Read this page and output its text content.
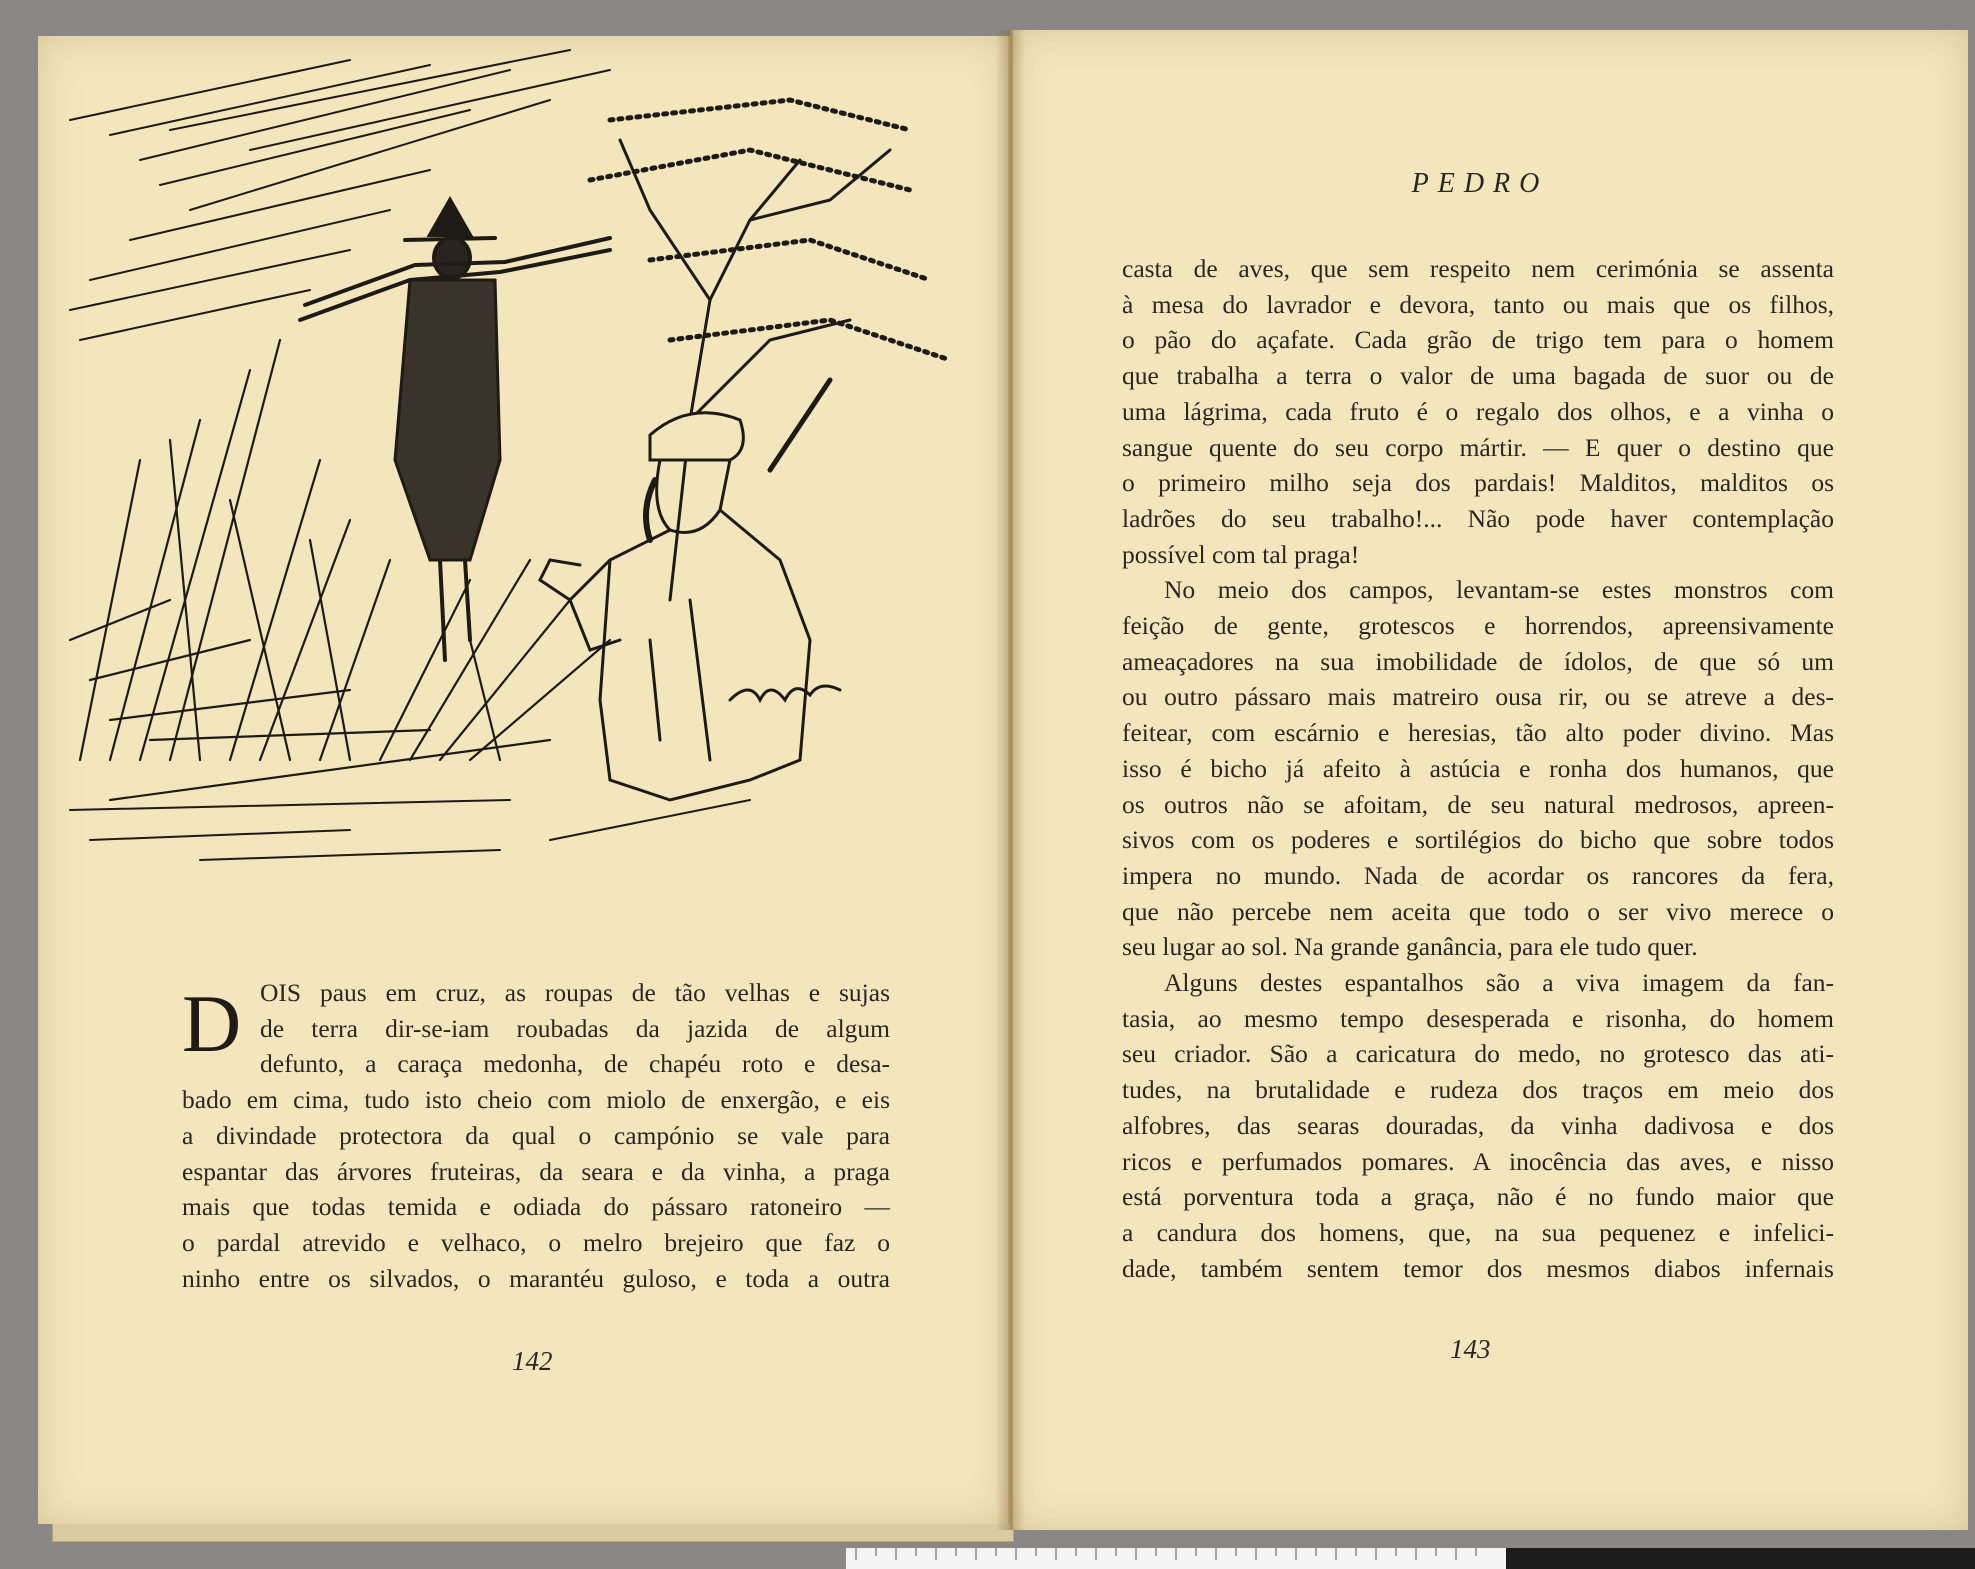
D OIS paus em cruz, as roupas de tão velhas e sujas
de terra dir-se-iam roubadas da jazida de algum
defunto, a caraça medonha, de chapéu roto e desa-
bado em cima, tudo isto cheio com miolo de enxergão, e eis
a divindade protectora da qual o campónio se vale para
espantar das árvores fruteiras, da seara e da vinha, a praga
mais que todas temida e odiada do pássaro ratoneiro —
o pardal atrevido e velhaco, o melro brejeiro que faz o
ninho entre os silvados, o marantéu guloso, e toda a outra
142
PEDRO
casta de aves, que sem respeito nem cerimónia se assenta
à mesa do lavrador e devora, tanto ou mais que os filhos,
o pão do açafate. Cada grão de trigo tem para o homem
que trabalha a terra o valor de uma bagada de suor ou de
uma lágrima, cada fruto é o regalo dos olhos, e a vinha o
sangue quente do seu corpo mártir. — E quer o destino que
o primeiro milho seja dos pardais! Malditos, malditos os
ladrões do seu trabalho!... Não pode haver contemplação
possível com tal praga!
No meio dos campos, levantam-se estes monstros com
feição de gente, grotescos e horrendos, apreensivamente
ameaçadores na sua imobilidade de ídolos, de que só um
ou outro pássaro mais matreiro ousa rir, ou se atreve a des-
feitear, com escárnio e heresias, tão alto poder divino. Mas
isso é bicho já afeito à astúcia e ronha dos humanos, que
os outros não se afoitam, de seu natural medrosos, apreen-
sivos com os poderes e sortilégios do bicho que sobre todos
impera no mundo. Nada de acordar os rancores da fera,
que não percebe nem aceita que todo o ser vivo merece o
seu lugar ao sol. Na grande ganância, para ele tudo quer.
Alguns destes espantalhos são a viva imagem da fan-
tasia, ao mesmo tempo desesperada e risonha, do homem
seu criador. São a caricatura do medo, no grotesco das ati-
tudes, na brutalidade e rudeza dos traços em meio dos
alfobres, das searas douradas, da vinha dadivosa e dos
ricos e perfumados pomares. A inocência das aves, e nisso
está porventura toda a graça, não é no fundo maior que
a candura dos homens, que, na sua pequenez e infelici-
dade, também sentem temor dos mesmos diabos infernais
143
